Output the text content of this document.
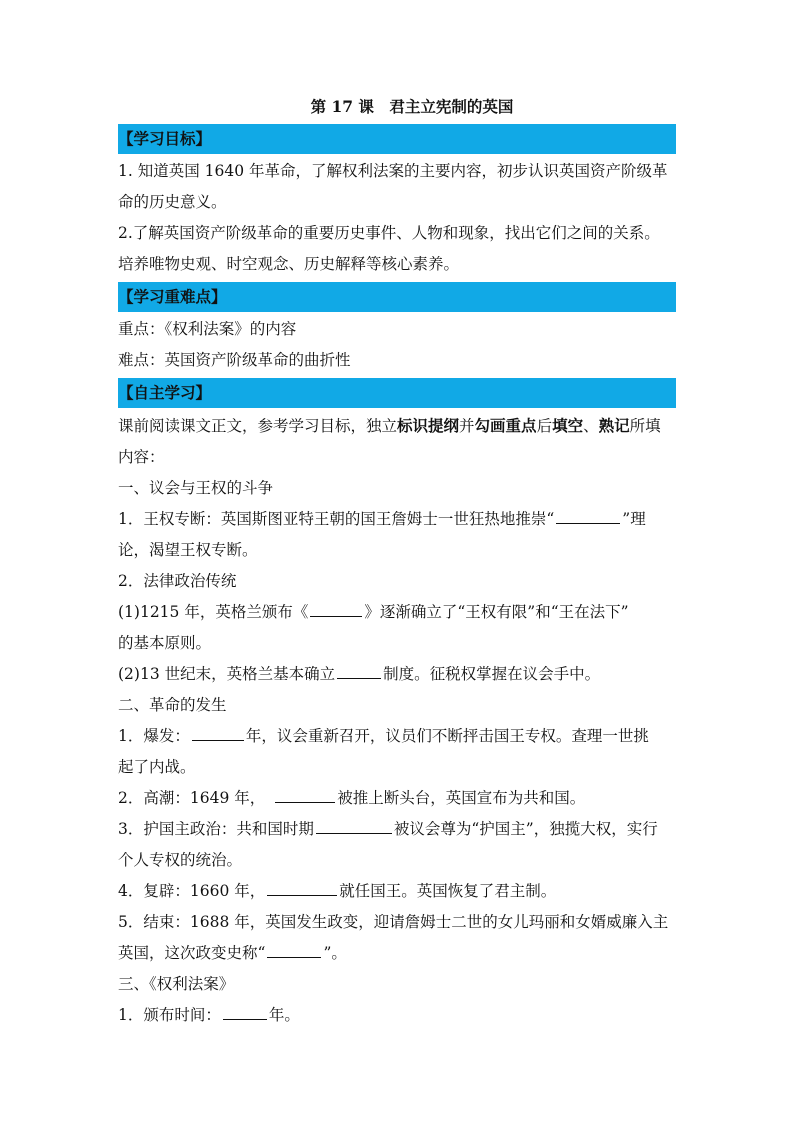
第 17 课　君主立宪制的英国
【学习目标】
1. 知道英国 1640 年革命，了解权利法案的主要内容，初步认识英国资产阶级革
命的历史意义。
2.了解英国资产阶级革命的重要历史事件、人物和现象，找出它们之间的关系。
培养唯物史观、时空观念、历史解释等核心素养。
【学习重难点】
重点：《权利法案》的内容
难点：英国资产阶级革命的曲折性
【自主学习】
课前阅读课文正文，参考学习目标，独立标识提纲并勾画重点后填空、熟记所填
内容：
一、议会与王权的斗争
1．王权专断：英国斯图亚特王朝的国王詹姆士一世狂热地推崇“	”理
论，渴望王权专断。
2．法律政治传统
(1)1215 年，英格兰颁布《	》逐渐确立了“王权有限”和“王在法下”
的基本原则。
(2)13 世纪末，英格兰基本确立	制度。征税权掌握在议会手中。
二、革命的发生
1．爆发：	年，议会重新召开，议员们不断抨击国王专权。查理一世挑
起了内战。
2．高潮：1649 年，	被推上断头台，英国宣布为共和国。
3．护国主政治：共和国时期	被议会尊为“护国主”，独揽大权，实行
个人专权的统治。
4．复辟：1660 年，	就任国王。英国恢复了君主制。
5．结束：1688 年，英国发生政变，迎请詹姆士二世的女儿玛丽和女婿威廉入主
英国，这次政变史称“	”。
三、《权利法案》
1．颁布时间：	年。
